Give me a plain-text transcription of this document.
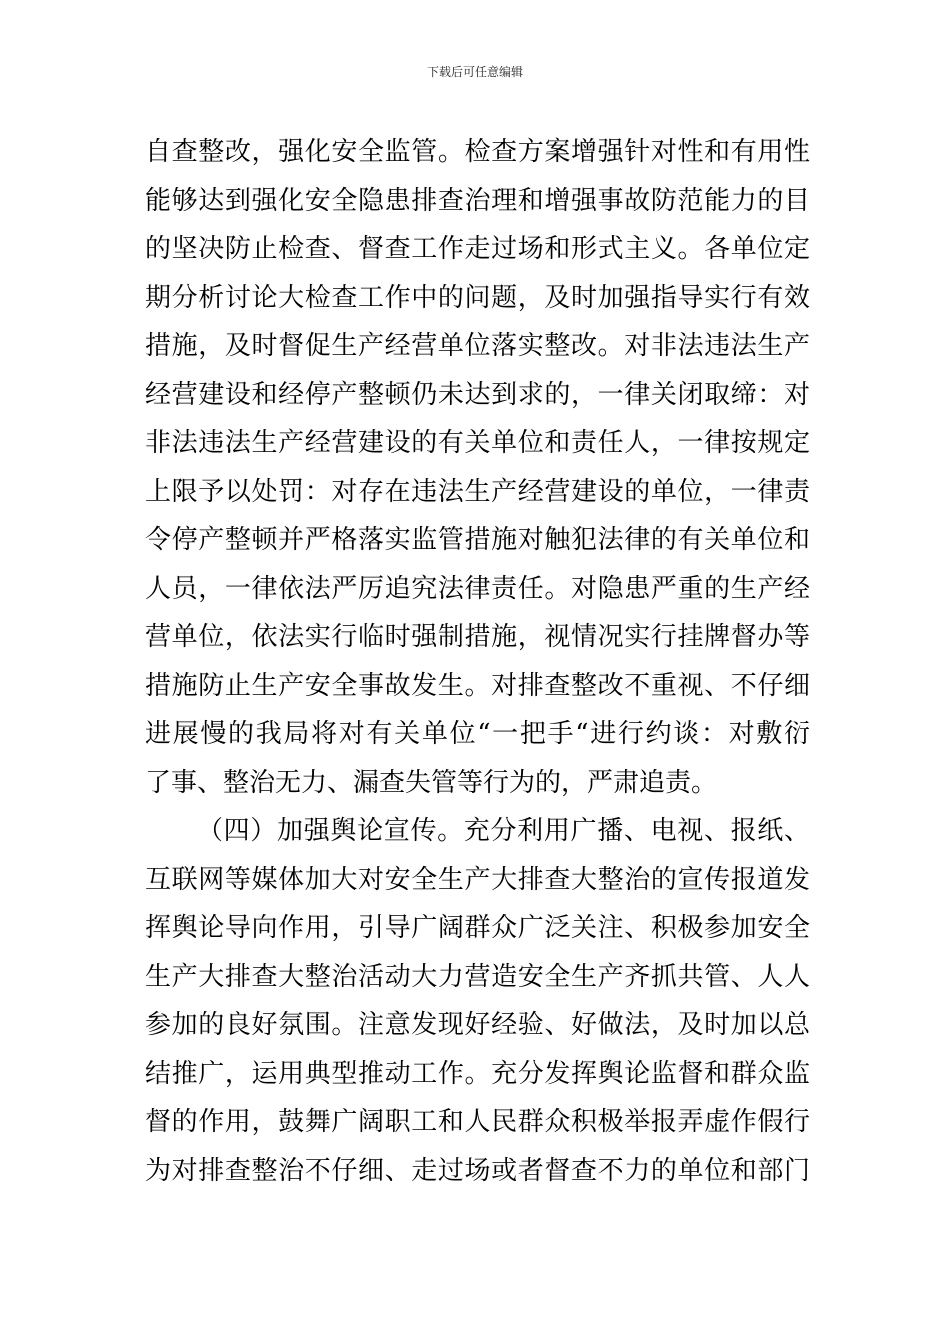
下载后可任意编辑
自查整改，强化安全监管。检查方案增强针对性和有用性
能够达到强化安全隐患排查治理和增强事故防范能力的目
的坚决防止检查、督查工作走过场和形式主义。各单位定
期分析讨论大检查工作中的问题，及时加强指导实行有效
措施，及时督促生产经营单位落实整改。对非法违法生产
经营建设和经停产整顿仍未达到求的，一律关闭取缔：对
非法违法生产经营建设的有关单位和责任人，一律按规定
上限予以处罚：对存在违法生产经营建设的单位，一律责
令停产整顿并严格落实监管措施对触犯法律的有关单位和
人员，一律依法严厉追究法律责任。对隐患严重的生产经
营单位，依法实行临时强制措施，视情况实行挂牌督办等
措施防止生产安全事故发生。对排查整改不重视、不仔细
进展慢的我局将对有关单位“一把手“进行约谈：对敷衍
了事、整治无力、漏查失管等行为的，严肃追责。
（四）加强舆论宣传。充分利用广播、电视、报纸、
互联网等媒体加大对安全生产大排查大整治的宣传报道发
挥舆论导向作用，引导广阔群众广泛关注、积极参加安全
生产大排查大整治活动大力营造安全生产齐抓共管、人人
参加的良好氛围。注意发现好经验、好做法，及时加以总
结推广，运用典型推动工作。充分发挥舆论监督和群众监
督的作用，鼓舞广阔职工和人民群众积极举报弄虚作假行
为对排查整治不仔细、走过场或者督查不力的单位和部门
